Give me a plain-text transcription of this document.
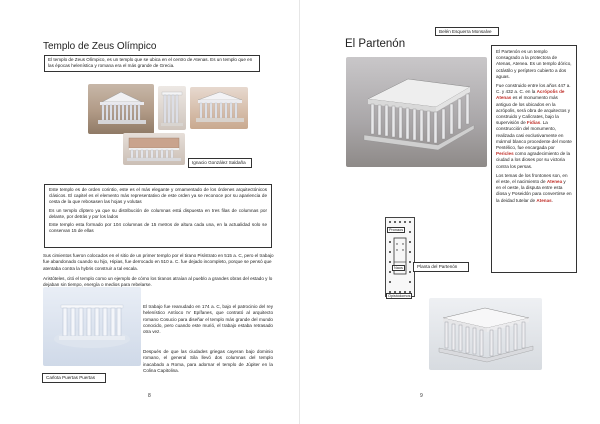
Templo de Zeus Olímpico

El templo de Zeus Olímpico, es un templo que se ubica en el centro de Atenas. Es un templo que en las épocas helenística y romana era el más grande de Grecia.

Ignacio González Saldaña

Este templo es de orden corintio, este es el más elegante y ornamentado de los órdenes arquitectónicos clásicos. El capitel es el elemento más representativo de este orden ya se reconoce por su apariencia de cesta de la que rebosasen las hojas y volutas

Es un templo díptero ya que su distribución de columnas está dispuesta en tres filas de columnas por delante, por detrás y por los lados

Este templo esta formado por 104 columnas de 15 metros de altura cada una, en la actualidad solo se conservan 15 de ellas

Sus cimientos fueron colocados en el sitio de un primer templo por el tirano Pisístrato en 515 a. C, pero el trabajo fue abandonado cuando su hijo, Hipias, fue derrocado en 510 a. C. fue dejado incompleto, porque se pensó que atentaba contra la hybris construir a tal escala.
Aristóteles, citó el templo como un ejemplo de cómo los tiranos atraían al pueblo a grandes obras del estado y lo dejaban sin tiempo, energía o medios para rebelarse.
Carlota Puertas Puertas
El trabajo fue reanudado en 174 a. C, bajo el patrocinio del rey helenístico Antíoco IV Epífanes, que contrató al arquitecto romano Cosucio para diseñar el templo más grande del mundo conocido, pero cuando este murió, el trabajo estaba retrasado otra vez.
Después de que las ciudades griegas cayeran bajo dominio romano, el general Sila llevó dos columnas del templo inacabado a Roma, para adornar el templo de Júpiter en la Colina Capitolina.
8
Belén Esquerra Monsalve
El Partenón

El Partenón es un templo consagrado a la protectora de Atenas, Atenea. Es un templo dórico, octástilo y períptero cubierto a dos aguas.

Fue construido entre los años 447 a. C. y 432 a. C. en la Acrópolis de Atenas es el monumento más antiguo de los ubicados en la acrópolis, será obra de arquitectos y construido y Calícrates, bajo la supervisión de Fidias. La construcción del monumento, realizada casi exclusivamente en mármol blanco procedente del monte Pentélico, fue encargada por Pericles como agradecimiento de la ciudad a los dioses por su victoria contra los persas.

Los temas de los frontones son, en el este, el nacimiento de Atenea y en el oeste, la disputa entre esta diosa y Poseidón para convertirse en la deidad tutelar de Atenas.

Pronaos
Naos
Opistódomos
Planta del Partenón
9
